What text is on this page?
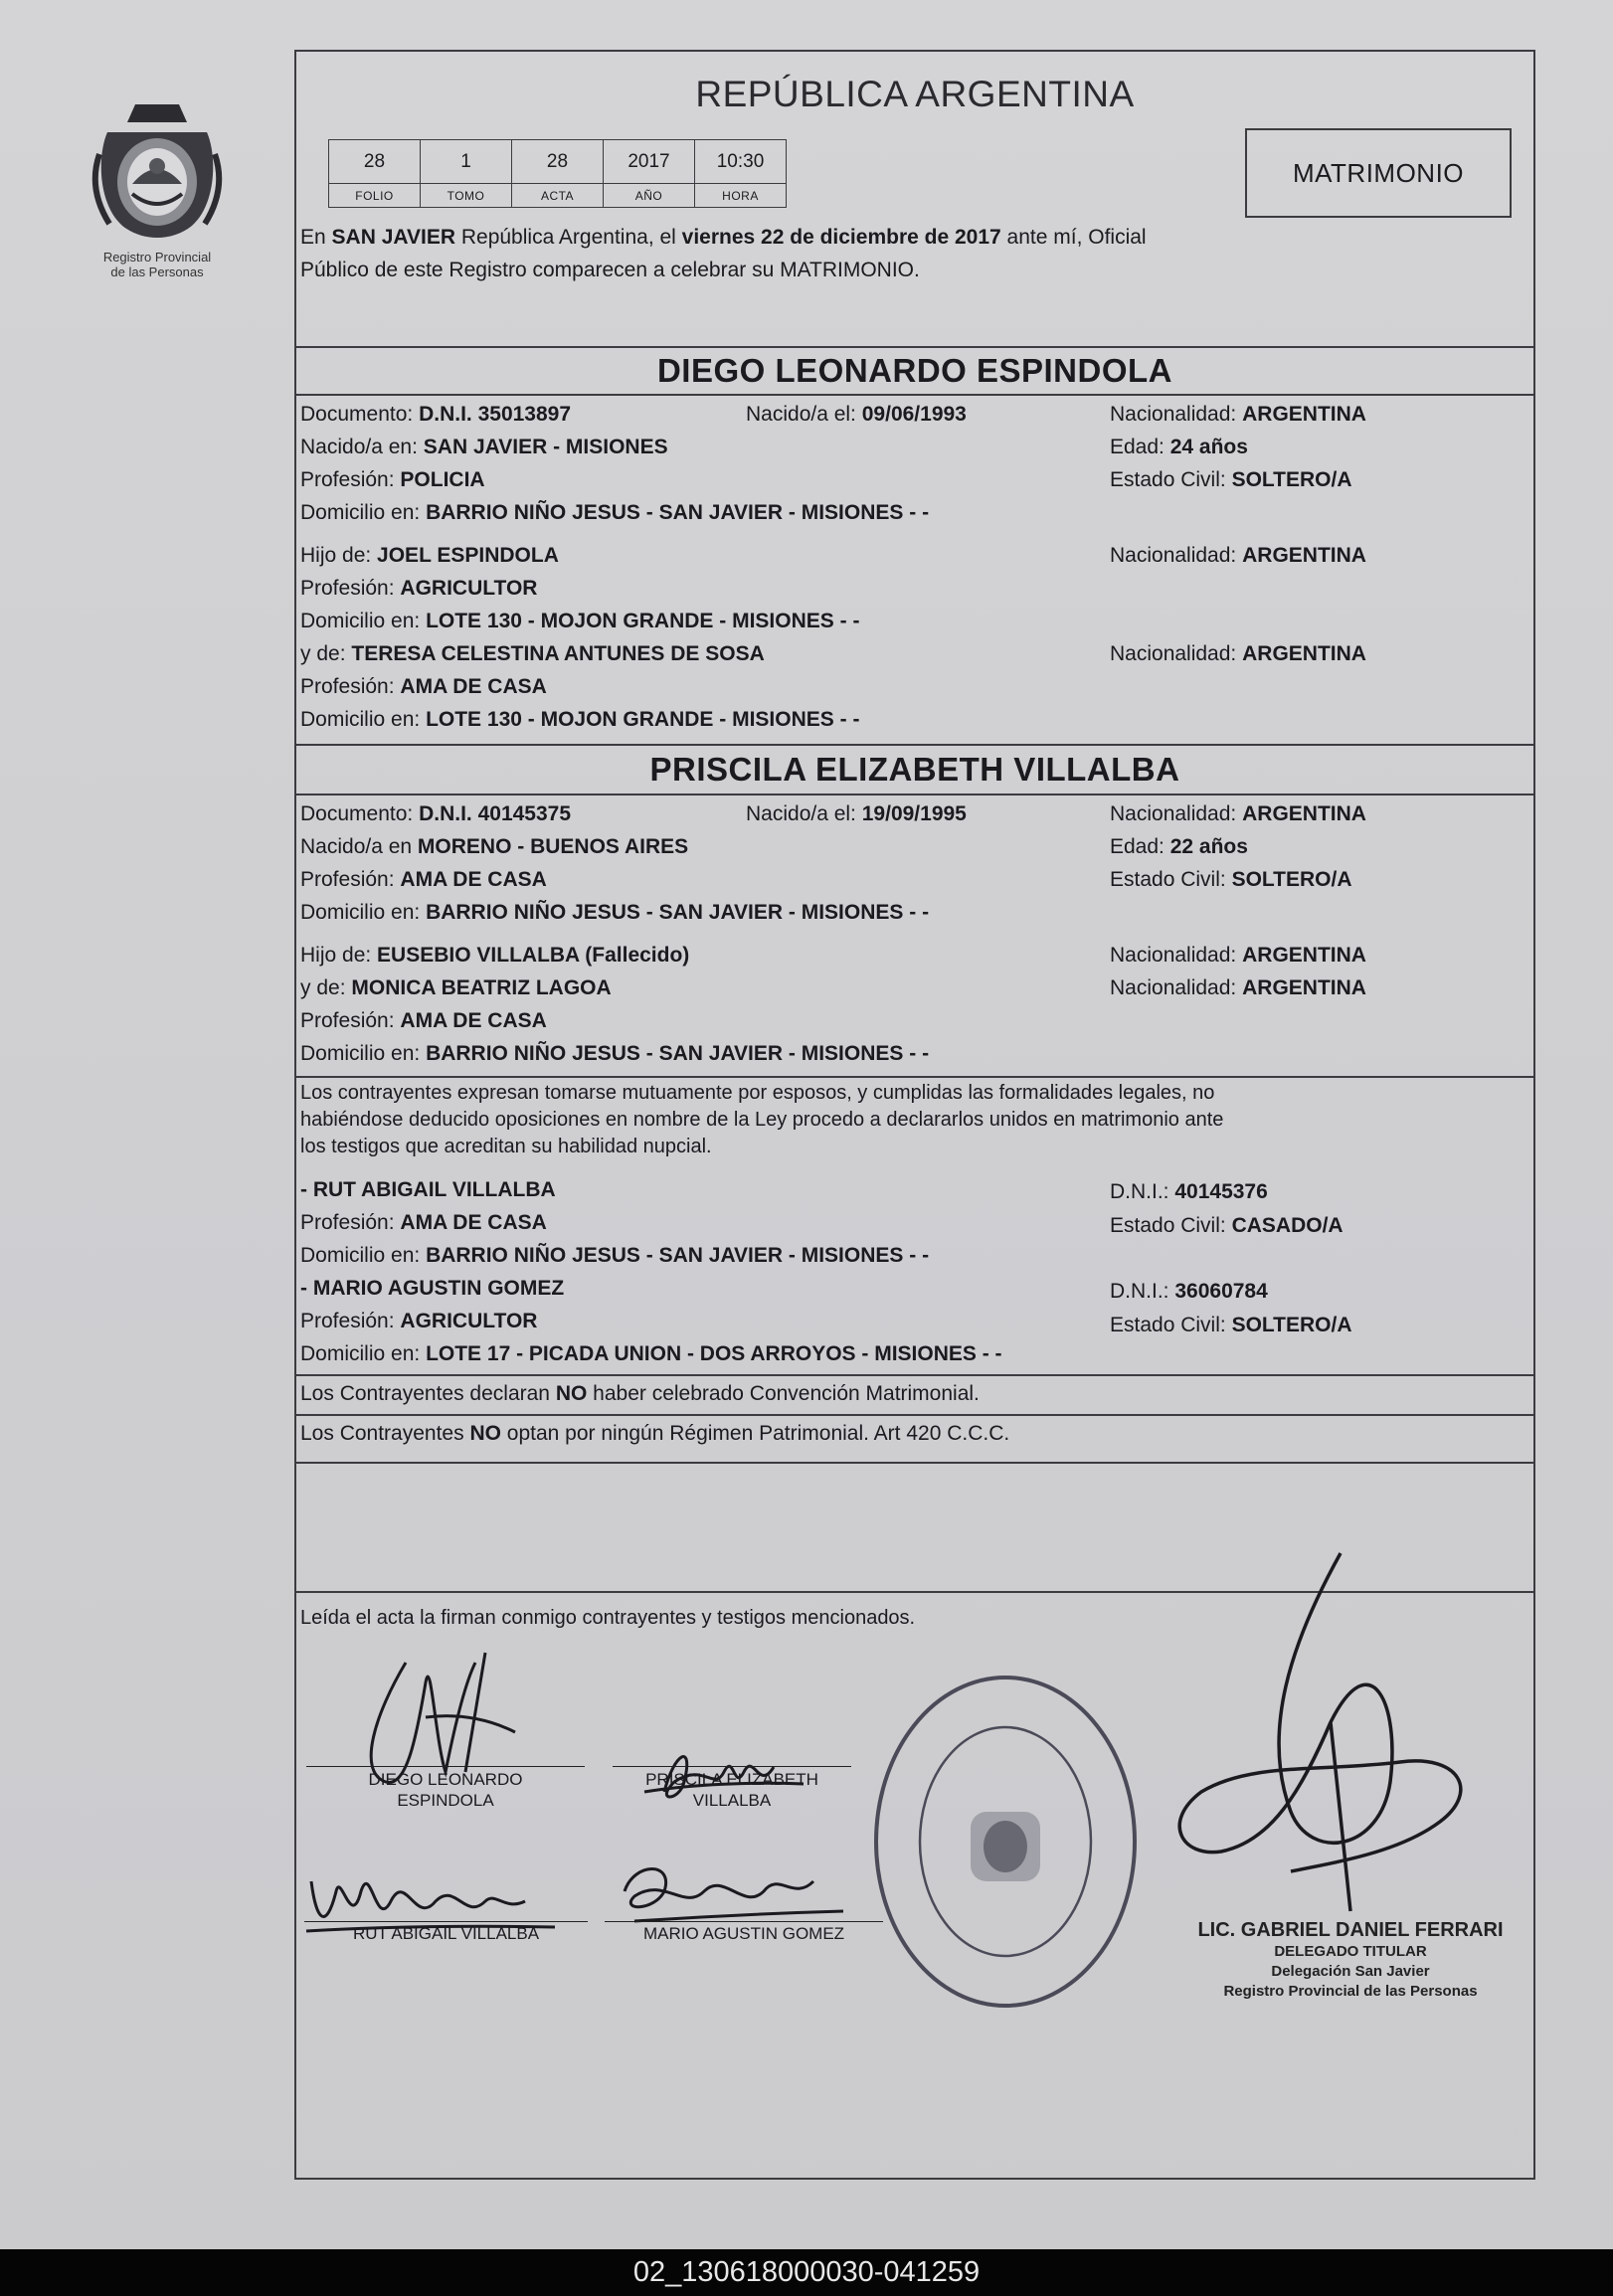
Registro Provincial
de las Personas
REPÚBLICA ARGENTINA
28	1	28	2017	10:30
FOLIO	TOMO	ACTA	AÑO	HORA
MATRIMONIO
En SAN JAVIER República Argentina, el viernes 22 de diciembre de 2017 ante mí, Oficial
Público de este Registro comparecen a celebrar su MATRIMONIO.
DIEGO LEONARDO ESPINDOLA
Documento: D.N.I. 35013897	Nacido/a el: 09/06/1993	Nacionalidad: ARGENTINA
Nacido/a en: SAN JAVIER - MISIONES	Edad: 24 años
Profesión: POLICIA	Estado Civil: SOLTERO/A
Domicilio en: BARRIO NIÑO JESUS - SAN JAVIER - MISIONES - -
Hijo de: JOEL ESPINDOLA	Nacionalidad: ARGENTINA
Profesión: AGRICULTOR
Domicilio en: LOTE 130 - MOJON GRANDE - MISIONES - -
y de: TERESA CELESTINA ANTUNES DE SOSA	Nacionalidad: ARGENTINA
Profesión: AMA DE CASA
Domicilio en: LOTE 130 - MOJON GRANDE - MISIONES - -
PRISCILA ELIZABETH VILLALBA
Documento: D.N.I. 40145375	Nacido/a el: 19/09/1995	Nacionalidad: ARGENTINA
Nacido/a en MORENO - BUENOS AIRES	Edad: 22 años
Profesión: AMA DE CASA	Estado Civil: SOLTERO/A
Domicilio en: BARRIO NIÑO JESUS - SAN JAVIER - MISIONES - -
Hijo de: EUSEBIO VILLALBA (Fallecido)	Nacionalidad: ARGENTINA
y de: MONICA BEATRIZ LAGOA	Nacionalidad: ARGENTINA
Profesión: AMA DE CASA
Domicilio en: BARRIO NIÑO JESUS - SAN JAVIER - MISIONES - -
Los contrayentes expresan tomarse mutuamente por esposos, y cumplidas las formalidades legales, no
habiéndose deducido oposiciones en nombre de la Ley procedo a declararlos unidos en matrimonio ante
los testigos que acreditan su habilidad nupcial.
- RUT ABIGAIL VILLALBA	D.N.I.: 40145376
Profesión: AMA DE CASA	Estado Civil: CASADO/A
Domicilio en: BARRIO NIÑO JESUS - SAN JAVIER - MISIONES - -
- MARIO AGUSTIN GOMEZ	D.N.I.: 36060784
Profesión: AGRICULTOR	Estado Civil: SOLTERO/A
Domicilio en: LOTE 17 - PICADA UNION - DOS ARROYOS - MISIONES - -
Los Contrayentes declaran NO haber celebrado Convención Matrimonial.
Los Contrayentes NO optan por ningún Régimen Patrimonial. Art 420 C.C.C.
Leída el acta la firman conmigo contrayentes y testigos mencionados.
DIEGO LEONARDO
ESPINDOLA
PRISCILA ELIZABETH
VILLALBA
RUT ABIGAIL VILLALBA	MARIO AGUSTIN GOMEZ	LIC. GABRIEL DANIEL FERRARI
DELEGADO TITULAR
Delegación San Javier
Registro Provincial de las Personas
02_130618000030-041259
